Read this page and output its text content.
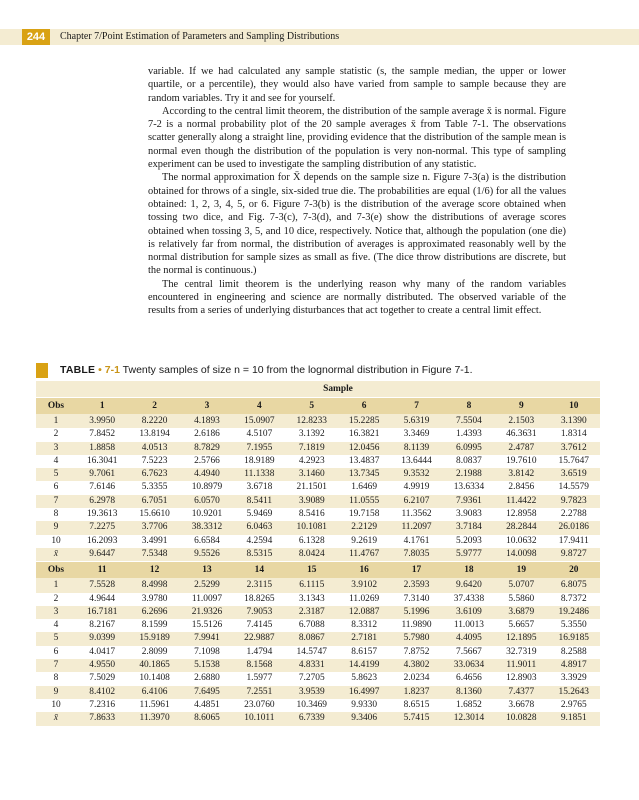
244	Chapter 7/Point Estimation of Parameters and Sampling Distributions

variable. If we had calculated any sample statistic (s, the sample median, the upper or lower quartile, or a percentile), they would also have varied from sample to sample because they are random variables. Try it and see for yourself.

According to the central limit theorem, the distribution of the sample average x̄ is normal. Figure 7-2 is a normal probability plot of the 20 sample averages x̄ from Table 7-1. The observations scatter generally along a straight line, providing evidence that the distribution of the sample mean is normal even though the distribution of the population is very non-normal. This type of sampling experiment can be used to investigate the sampling distribution of any statistic.

The normal approximation for X̄ depends on the sample size n. Figure 7-3(a) is the distribution obtained for throws of a single, six-sided true die. The probabilities are equal (1/6) for all the values obtained: 1, 2, 3, 4, 5, or 6. Figure 7-3(b) is the distribution of the average score obtained when tossing two dice, and Fig. 7-3(c), 7-3(d), and 7-3(e) show the distributions of average scores obtained when tossing 3, 5, and 10 dice, respectively. Notice that, although the population (one die) is relatively far from normal, the distribution of averages is approximated reasonably well by the normal distribution for sample sizes as small as five. (The dice throw distributions are discrete, but the normal is continuous.)

The central limit theorem is the underlying reason why many of the random variables encountered in engineering and science are normally distributed. The observed variable of the results from a series of underlying disturbances that act together to create a central limit effect.

TABLE • 7-1 Twenty samples of size n = 10 from the lognormal distribution in Figure 7-1.
	Sample									
Obs	1	2	3	4	5	6	7	8	9	10
1	3.9950	8.2220	4.1893	15.0907	12.8233	15.2285	5.6319	7.5504	2.1503	3.1390
2	7.8452	13.8194	2.6186	4.5107	3.1392	16.3821	3.3469	1.4393	46.3631	1.8314
3	1.8858	4.0513	8.7829	7.1955	7.1819	12.0456	8.1139	6.0995	2.4787	3.7612
4	16.3041	7.5223	2.5766	18.9189	4.2923	13.4837	13.6444	8.0837	19.7610	15.7647
5	9.7061	6.7623	4.4940	11.1338	3.1460	13.7345	9.3532	2.1988	3.8142	3.6519
6	7.6146	5.3355	10.8979	3.6718	21.1501	1.6469	4.9919	13.6334	2.8456	14.5579
7	6.2978	6.7051	6.0570	8.5411	3.9089	11.0555	6.2107	7.9361	11.4422	9.7823
8	19.3613	15.6610	10.9201	5.9469	8.5416	19.7158	11.3562	3.9083	12.8958	2.2788
9	7.2275	3.7706	38.3312	6.0463	10.1081	2.2129	11.2097	3.7184	28.2844	26.0186
10	16.2093	3.4991	6.6584	4.2594	6.1328	9.2619	4.1761	5.2093	10.0632	17.9411
x̄	9.6447	7.5348	9.5526	8.5315	8.0424	11.4767	7.8035	5.9777	14.0098	9.8727
Obs	11	12	13	14	15	16	17	18	19	20
1	7.5528	8.4998	2.5299	2.3115	6.1115	3.9102	2.3593	9.6420	5.0707	6.8075
2	4.9644	3.9780	11.0097	18.8265	3.1343	11.0269	7.3140	37.4338	5.5860	8.7372
3	16.7181	6.2696	21.9326	7.9053	2.3187	12.0887	5.1996	3.6109	3.6879	19.2486
4	8.2167	8.1599	15.5126	7.4145	6.7088	8.3312	11.9890	11.0013	5.6657	5.3550
5	9.0399	15.9189	7.9941	22.9887	8.0867	2.7181	5.7980	4.4095	12.1895	16.9185
6	4.0417	2.8099	7.1098	1.4794	14.5747	8.6157	7.8752	7.5667	32.7319	8.2588
7	4.9550	40.1865	5.1538	8.1568	4.8331	14.4199	4.3802	33.0634	11.9011	4.8917
8	7.5029	10.1408	2.6880	1.5977	7.2705	5.8623	2.0234	6.4656	12.8903	3.3929
9	8.4102	6.4106	7.6495	7.2551	3.9539	16.4997	1.8237	8.1360	7.4377	15.2643
10	7.2316	11.5961	4.4851	23.0760	10.3469	9.9330	8.6515	1.6852	3.6678	2.9765
x̄	7.8633	11.3970	8.6065	10.1011	6.7339	9.3406	5.7415	12.3014	10.0828	9.1851
